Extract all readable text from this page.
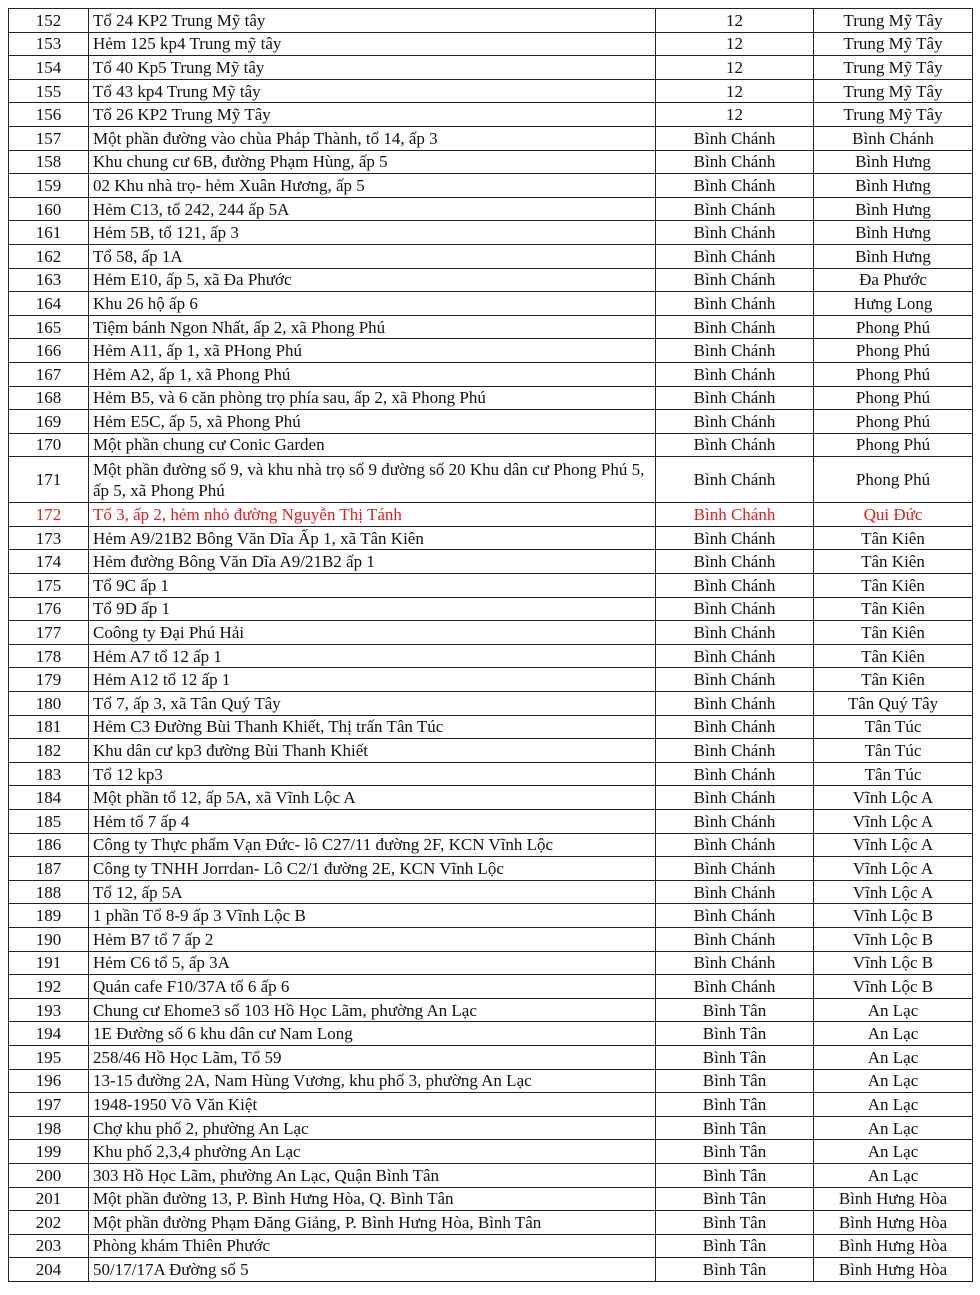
152	Tổ 24 KP2 Trung Mỹ tây	12	Trung Mỹ Tây
153	Hẻm 125 kp4 Trung mỹ tây	12	Trung Mỹ Tây
154	Tổ 40 Kp5 Trung Mỹ tây	12	Trung Mỹ Tây
155	Tổ 43 kp4 Trung Mỹ tây	12	Trung Mỹ Tây
156	Tổ 26 KP2 Trung Mỹ Tây	12	Trung Mỹ Tây
157	Một phần đường vào chùa Pháp Thành, tổ 14, ấp 3	Bình Chánh	Bình Chánh
158	Khu chung cư 6B, đường Phạm Hùng, ấp 5	Bình Chánh	Bình Hưng
159	02 Khu nhà trọ- hẻm Xuân Hương, ấp 5	Bình Chánh	Bình Hưng
160	Hẻm C13, tổ 242, 244 ấp 5A	Bình Chánh	Bình Hưng
161	Hẻm 5B, tổ 121, ấp 3	Bình Chánh	Bình Hưng
162	Tổ 58, ấp 1A	Bình Chánh	Bình Hưng
163	Hẻm E10, ấp 5, xã Đa Phước	Bình Chánh	Đa Phước
164	Khu 26 hộ ấp 6	Bình Chánh	Hưng Long
165	Tiệm bánh Ngon Nhất, ấp 2, xã Phong Phú	Bình Chánh	Phong Phú
166	Hẻm A11, ấp 1, xã PHong Phú	Bình Chánh	Phong Phú
167	Hẻm A2, ấp 1, xã Phong Phú	Bình Chánh	Phong Phú
168	Hẻm B5, và 6 căn phòng trọ phía sau, ấp 2, xã Phong Phú	Bình Chánh	Phong Phú
169	Hẻm E5C, ấp 5, xã Phong Phú	Bình Chánh	Phong Phú
170	Một phần chung cư Conic Garden	Bình Chánh	Phong Phú
171	Một phần đường số 9, và khu nhà trọ số 9 đường số 20 Khu dân cư Phong Phú 5, ấp 5, xã Phong Phú	Bình Chánh	Phong Phú
172	Tổ 3, ấp 2, hẻm nhỏ đường Nguyễn Thị Tánh	Bình Chánh	Qui Đức
173	Hẻm A9/21B2 Bông Văn Dĩa Ấp 1, xã Tân Kiên	Bình Chánh	Tân Kiên
174	Hẻm đường Bông Văn Dĩa A9/21B2 ấp 1	Bình Chánh	Tân Kiên
175	Tổ 9C ấp 1	Bình Chánh	Tân Kiên
176	Tổ 9D ấp 1	Bình Chánh	Tân Kiên
177	Coông ty Đại Phú Hải	Bình Chánh	Tân Kiên
178	Hẻm A7 tổ 12 ấp 1	Bình Chánh	Tân Kiên
179	Hẻm A12 tổ 12 ấp 1	Bình Chánh	Tân Kiên
180	Tổ 7, ấp 3, xã Tân Quý Tây	Bình Chánh	Tân Quý Tây
181	Hẻm C3 Đường Bùi Thanh Khiết, Thị trấn Tân Túc	Bình Chánh	Tân Túc
182	Khu dân cư kp3 đường Bùi Thanh Khiết	Bình Chánh	Tân Túc
183	Tổ 12 kp3	Bình Chánh	Tân Túc
184	Một phần tổ 12, ấp 5A, xã Vĩnh Lộc A	Bình Chánh	Vĩnh Lộc A
185	Hẻm tổ 7 ấp 4	Bình Chánh	Vĩnh Lộc A
186	Công ty Thực phẩm Vạn Đức- lô C27/11 đường 2F, KCN Vĩnh Lộc	Bình Chánh	Vĩnh Lộc A
187	Công ty TNHH Jorrdan- Lô C2/1 đường 2E, KCN Vĩnh Lộc	Bình Chánh	Vĩnh Lộc A
188	Tổ 12, ấp 5A	Bình Chánh	Vĩnh Lộc A
189	1 phần Tổ 8-9 ấp 3 Vĩnh Lộc B	Bình Chánh	Vĩnh Lộc B
190	Hẻm B7 tổ 7 ấp 2	Bình Chánh	Vĩnh Lộc B
191	Hẻm C6 tổ 5, ấp 3A	Bình Chánh	Vĩnh Lộc B
192	Quán cafe F10/37A tổ 6 ấp 6	Bình Chánh	Vĩnh Lộc B
193	Chung cư Ehome3 số 103 Hồ Học Lãm, phường An Lạc	Bình Tân	An Lạc
194	1E Đường số 6 khu dân cư Nam Long	Bình Tân	An Lạc
195	258/46 Hồ Học Lãm, Tổ 59	Bình Tân	An Lạc
196	13-15 đường 2A, Nam Hùng Vương, khu phố 3, phường An Lạc	Bình Tân	An Lạc
197	1948-1950 Võ Văn Kiệt	Bình Tân	An Lạc
198	Chợ khu phố 2, phường An Lạc	Bình Tân	An Lạc
199	Khu phố 2,3,4 phường An Lạc	Bình Tân	An Lạc
200	303 Hồ Học Lãm, phường An Lạc, Quận Bình Tân	Bình Tân	An Lạc
201	Một phần đường 13, P. Bình Hưng Hòa, Q. Bình Tân	Bình Tân	Bình Hưng Hòa
202	Một phần đường Phạm Đăng Giảng, P. Bình Hưng Hòa, Bình Tân	Bình Tân	Bình Hưng Hòa
203	Phòng khám Thiên Phước	Bình Tân	Bình Hưng Hòa
204	50/17/17A Đường số 5	Bình Tân	Bình Hưng Hòa
